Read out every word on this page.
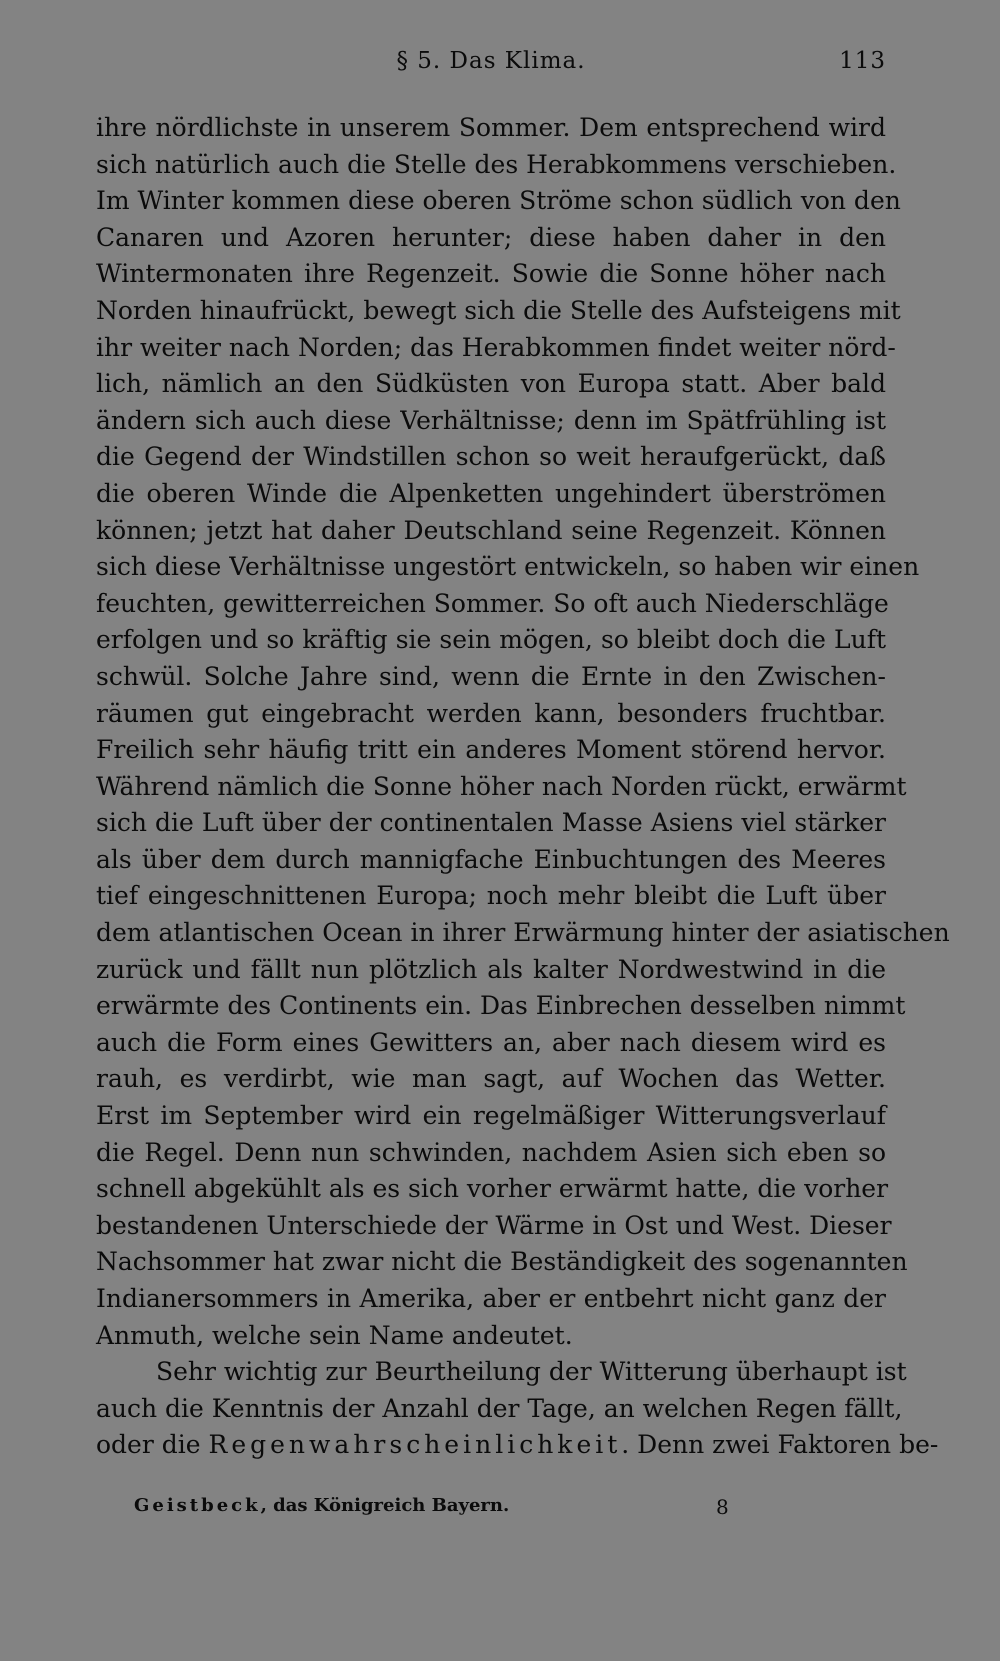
§ 5. Das Klima.	113
ihre nördlichste in unserem Sommer. Dem entsprechend wird
sich natürlich auch die Stelle des Herabkommens verschieben.
Im Winter kommen diese oberen Ströme schon südlich von den
Canaren und Azoren herunter; diese haben daher in den
Wintermonaten ihre Regenzeit. Sowie die Sonne höher nach
Norden hinaufrückt, bewegt sich die Stelle des Aufsteigens mit
ihr weiter nach Norden; das Herabkommen findet weiter nörd-
lich, nämlich an den Südküsten von Europa statt. Aber bald
ändern sich auch diese Verhältnisse; denn im Spätfrühling ist
die Gegend der Windstillen schon so weit heraufgerückt, daß
die oberen Winde die Alpenketten ungehindert überströmen
können; jetzt hat daher Deutschland seine Regenzeit. Können
sich diese Verhältnisse ungestört entwickeln, so haben wir einen
feuchten, gewitterreichen Sommer. So oft auch Niederschläge
erfolgen und so kräftig sie sein mögen, so bleibt doch die Luft
schwül. Solche Jahre sind, wenn die Ernte in den Zwischen-
räumen gut eingebracht werden kann, besonders fruchtbar.
Freilich sehr häufig tritt ein anderes Moment störend hervor.
Während nämlich die Sonne höher nach Norden rückt, erwärmt
sich die Luft über der continentalen Masse Asiens viel stärker
als über dem durch mannigfache Einbuchtungen des Meeres
tief eingeschnittenen Europa; noch mehr bleibt die Luft über
dem atlantischen Ocean in ihrer Erwärmung hinter der asiatischen
zurück und fällt nun plötzlich als kalter Nordwestwind in die
erwärmte des Continents ein. Das Einbrechen desselben nimmt
auch die Form eines Gewitters an, aber nach diesem wird es
rauh, es verdirbt, wie man sagt, auf Wochen das Wetter.
Erst im September wird ein regelmäßiger Witterungsverlauf
die Regel. Denn nun schwinden, nachdem Asien sich eben so
schnell abgekühlt als es sich vorher erwärmt hatte, die vorher
bestandenen Unterschiede der Wärme in Ost und West. Dieser
Nachsommer hat zwar nicht die Beständigkeit des sogenannten
Indianersommers in Amerika, aber er entbehrt nicht ganz der
Anmuth, welche sein Name andeutet.
Sehr wichtig zur Beurtheilung der Witterung überhaupt ist
auch die Kenntnis der Anzahl der Tage, an welchen Regen fällt,
oder die Regenwahrscheinlichkeit. Denn zwei Faktoren be-
Geistbeck, das Königreich Bayern.	8
